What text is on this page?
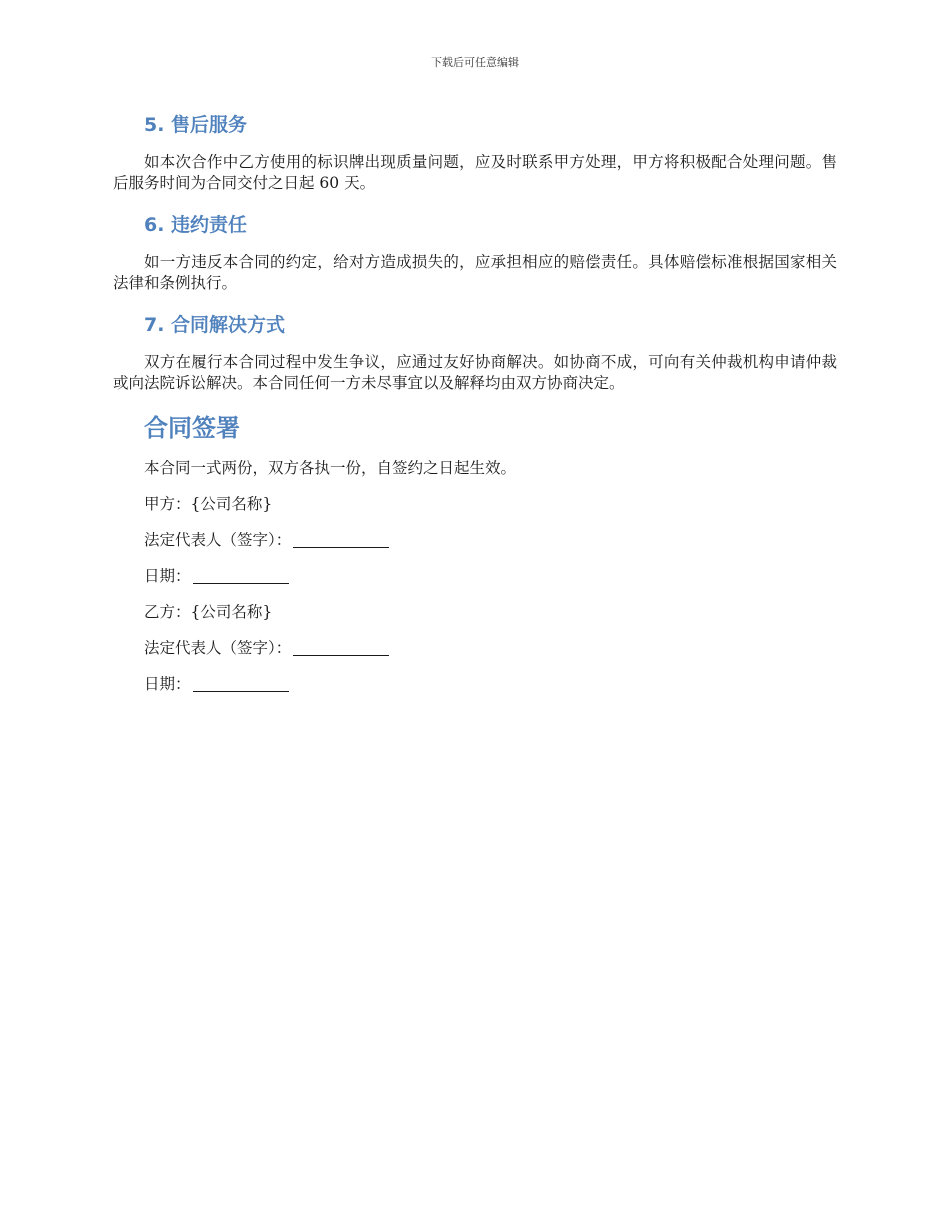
下载后可任意编辑
5. 售后服务

如本次合作中乙方使用的标识牌出现质量问题，应及时联系甲方处理，甲方将积极配合处理问题。售后服务时间为合同交付之日起 60 天。

6. 违约责任

如一方违反本合同的约定，给对方造成损失的，应承担相应的赔偿责任。具体赔偿标准根据国家相关法律和条例执行。

7. 合同解决方式

双方在履行本合同过程中发生争议，应通过友好协商解决。如协商不成，可向有关仲裁机构申请仲裁或向法院诉讼解决。本合同任何一方未尽事宜以及解释均由双方协商决定。

合同签署
本合同一式两份，双方各执一份，自签约之日起生效。
甲方：{公司名称}
法定代表人（签字）：
日期：
乙方：{公司名称}
法定代表人（签字）：
日期：
